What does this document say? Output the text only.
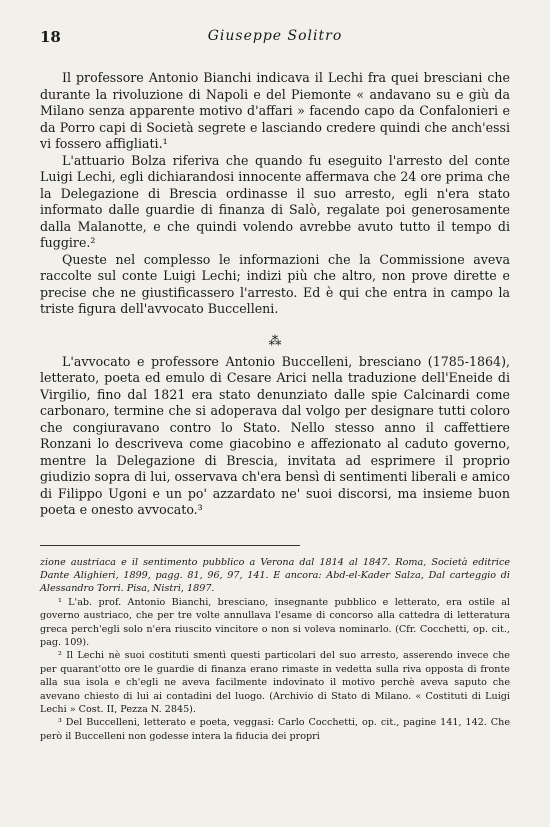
18	Giuseppe Solitro

Il professore Antonio Bianchi indicava il Lechi fra quei bresciani che durante la rivoluzione di Napoli e del Piemonte « andavano su e giù da Milano senza apparente motivo d'affari » facendo capo da Confalonieri e da Porro capi di Società segrete e lasciando credere quindi che anch'essi vi fossero affigliati.¹

L'attuario Bolza riferiva che quando fu eseguito l'arresto del conte Luigi Lechi, egli dichiarandosi innocente affermava che 24 ore prima che la Delegazione di Brescia ordinasse il suo arresto, egli n'era stato informato dalle guardie di finanza di Salò, regalate poi generosamente dalla Malanotte, e che quindi volendo avrebbe avuto tutto il tempo di fuggire.²

Queste nel complesso le informazioni che la Commissione aveva raccolte sul conte Luigi Lechi; indizi più che altro, non prove dirette e precise che ne giustificassero l'arresto. Ed è qui che entra in campo la triste figura dell'avvocato Buccelleni.

⁂

L'avvocato e professore Antonio Buccelleni, bresciano (1785-1864), letterato, poeta ed emulo di Cesare Arici nella traduzione dell'Eneide di Virgilio, fino dal 1821 era stato denunziato dalle spie Calcinardi come carbonaro, termine che si adoperava dal volgo per designare tutti coloro che congiuravano contro lo Stato. Nello stesso anno il caffettiere Ronzani lo descriveva come giacobino e affezionato al caduto governo, mentre la Delegazione di Brescia, invitata ad esprimere il proprio giudizio sopra di lui, osservava ch'era bensì di sentimenti liberali e amico di Filippo Ugoni e un po' azzardato ne' suoi discorsi, ma insieme buon poeta e onesto avvocato.³

zione austriaca e il sentimento pubblico a Verona dal 1814 al 1847. Roma, Società editrice Dante Alighieri, 1899, pagg. 81, 96, 97, 141. E ancora: Abd-el-Kader Salza, Dal carteggio di Alessandro Torri. Pisa, Nistri, 1897.

¹ L'ab. prof. Antonio Bianchi, bresciano, insegnante pubblico e letterato, era ostile al governo austriaco, che per tre volte annullava l'esame di concorso alla cattedra di letteratura greca perch'egli solo n'era riuscito vincitore o non si voleva nominarlo. (Cfr. Cocchetti, op. cit., pag. 109).

² Il Lechi nè suoi costituti smentì questi particolari del suo arresto, asserendo invece che per quarant'otto ore le guardie di finanza erano rimaste in vedetta sulla riva opposta di fronte alla sua isola e ch'egli ne aveva facilmente indovinato il motivo perchè aveva saputo che avevano chiesto di lui ai contadini del luogo. (Archivio di Stato di Milano. « Costituti di Luigi Lechi » Cost. II, Pezza N. 2845).

³ Del Buccelleni, letterato e poeta, veggasi: Carlo Cocchetti, op. cit., pagine 141, 142. Che però il Buccelleni non godesse intera la fiducia dei propri
